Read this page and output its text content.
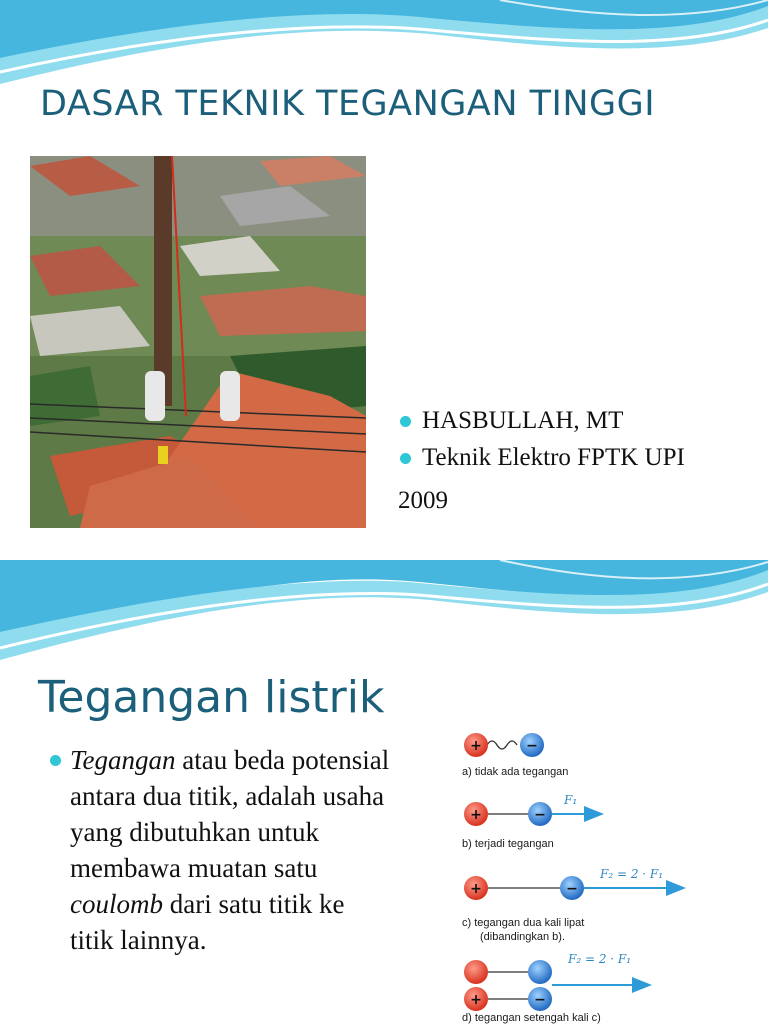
DASAR TEKNIK TEGANGAN TINGGI
HASBULLAH, MT
Teknik Elektro FPTK UPI
2009
Tegangan listrik
Tegangan atau beda potensial antara dua titik, adalah usaha yang dibutuhkan untuk membawa muatan satu coulomb dari satu titik ke titik lainnya.
+	−
a) tidak ada tegangan
+	−
F₁
b) terjadi tegangan
+	−
F₂ = 2 · F₁
c) tegangan dua kali lipat
(dibandingkan b).
+	−
F₂ = 2 · F₁
d) tegangan setengah kali c)
